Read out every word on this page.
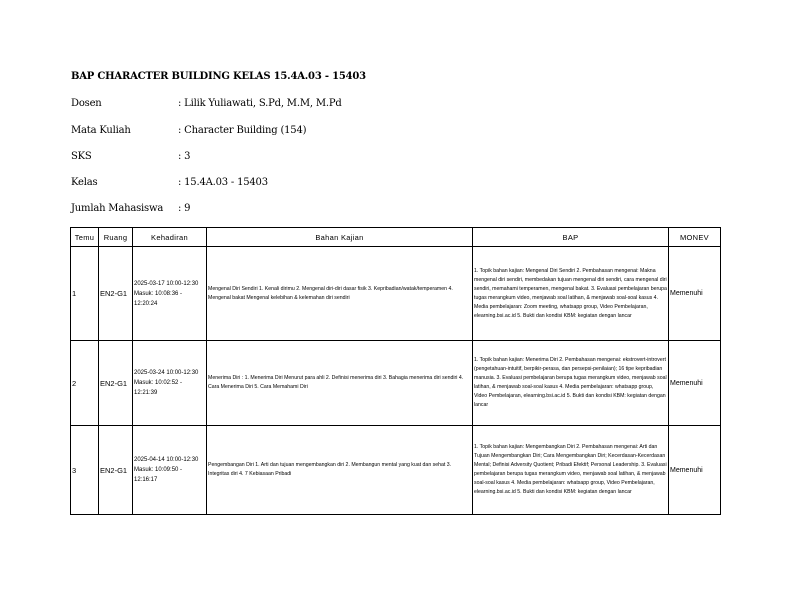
BAP CHARACTER BUILDING KELAS 15.4A.03 - 15403
Dosen	: Lilik Yuliawati, S.Pd, M.M, M.Pd
Mata Kuliah	: Character Building (154)
SKS	: 3
Kelas	: 15.4A.03 - 15403
Jumlah Mahasiswa : 9
Temu	Ruang	Kehadiran	Bahan Kajian	BAP	MONEV
1	EN2-G1	2025-03-17 10:00-12:30 Masuk: 10:08:36 - 12:20:24	Mengenal Diri Sendiri 1. Kenali dirimu 2. Mengenal diri-diri dasar fisik 3. Kepribadian/watak/temperamen 4. Mengenal bakat Mengenal kelebihan & kelemahan diri sendiri	1. Topik bahan kajian: Mengenal Diri Sendiri 2. Pembahasan mengenai: Makna mengenal diri sendiri, membedakan tujuan mengenal diri sendiri, cara mengenal diri sendiri, memahami temperamen, mengenal bakat. 3. Evaluasi pembelajaran berupa tugas merangkum video, menjawab soal latihan, & menjawab soal-soal kasus 4. Media pembelajaran: Zoom meeting, whatsapp group, Video Pembelajaran, elearning.bsi.ac.id 5. Bukti dan kondisi KBM: kegiatan dengan lancar	Memenuhi
2	EN2-G1	2025-03-24 10:00-12:30 Masuk: 10:02:52 - 12:21:39	Menerima Diri : 1. Menerima Diri Menurut para ahli 2. Definisi menerima diri 3. Bahagia menerima diri sendiri 4. Cara Menerima Diri 5. Cara Memahami Diri	1. Topik bahan kajian: Menerima Diri 2. Pembahasan mengenai: ekstrovert-introvert (pengetahuan-intuitif, berpikir-perasa, dan persepsi-penilaian); 16 tipe kepribadian manusia. 3. Evaluasi pembelajaran berupa tugas merangkum video, menjawab soal latihan, & menjawab soal-soal kasus 4. Media pembelajaran: whatsapp group, Video Pembelajaran, elearning.bsi.ac.id 5. Bukti dan kondisi KBM: kegiatan dengan lancar	Memenuhi
3	EN2-G1	2025-04-14 10:00-12:30 Masuk: 10:09:50 - 12:16:17	Pengembangan Diri 1. Arti dan tujuan mengembangkan diri 2. Membangun mental yang kuat dan sehat 3. Integritas diri 4. 7 Kebiasaan Pribadi	1. Topik bahan kajian: Mengembangkan Diri 2. Pembahasan mengenai: Arti dan Tujuan Mengembangkan Diri; Cara Mengembangkan Diri; Kecerdasan-Kecerdasan Mental; Definisi Adversity Quotient; Pribadi Efektif; Personal Leadership. 3. Evaluasi pembelajaran berupa tugas merangkum video, menjawab soal latihan, & menjawab soal-soal kasus 4. Media pembelajaran: whatsapp group, Video Pembelajaran, elearning.bsi.ac.id 5. Bukti dan kondisi KBM: kegiatan dengan lancar	Memenuhi
